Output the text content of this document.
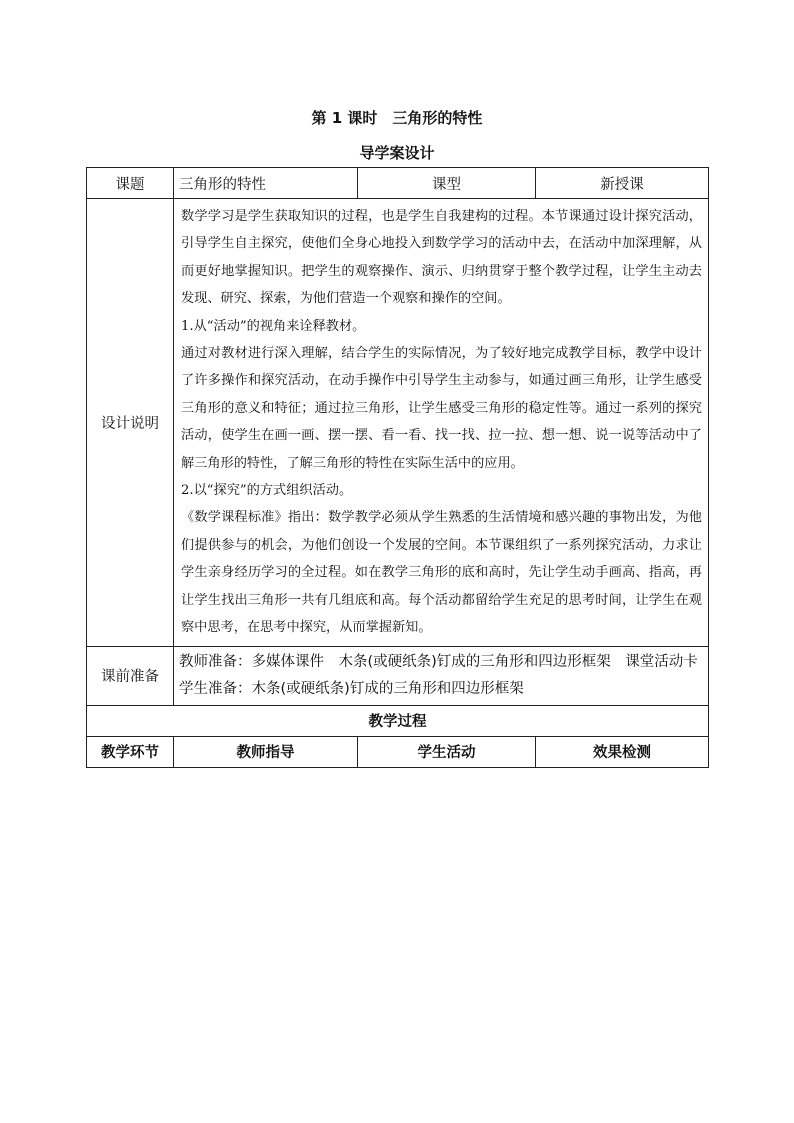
第 1 课时　三角形的特性
导学案设计
课题	三角形的特性	课型	新授课
设计说明	数学学习是学生获取知识的过程，也是学生自我建构的过程。本节课通过设计探究活动，引导学生自主探究，使他们全身心地投入到数学学习的活动中去，在活动中加深理解，从而更好地掌握知识。把学生的观察操作、演示、归纳贯穿于整个教学过程，让学生主动去发现、研究、探索，为他们营造一个观察和操作的空间。

1.从“活动”的视角来诠释教材。

通过对教材进行深入理解，结合学生的实际情况，为了较好地完成教学目标，教学中设计了许多操作和探究活动，在动手操作中引导学生主动参与，如通过画三角形，让学生感受三角形的意义和特征；通过拉三角形，让学生感受三角形的稳定性等。通过一系列的探究活动，使学生在画一画、摆一摆、看一看、找一找、拉一拉、想一想、说一说等活动中了解三角形的特性，了解三角形的特性在实际生活中的应用。

2.以“探究”的方式组织活动。

《数学课程标准》指出：数学教学必须从学生熟悉的生活情境和感兴趣的事物出发，为他们提供参与的机会，为他们创设一个发展的空间。本节课组织了一系列探究活动，力求让学生亲身经历学习的全过程。如在教学三角形的底和高时，先让学生动手画高、指高，再让学生找出三角形一共有几组底和高。每个活动都留给学生充足的思考时间，让学生在观察中思考，在思考中探究，从而掌握新知。		

课前准备	教师准备：多媒体课件　木条(或硬纸条)钉成的三角形和四边形框架　课堂活动卡

学生准备：木条(或硬纸条)钉成的三角形和四边形框架		

教学过程			
教学环节	教师指导	学生活动	效果检测
